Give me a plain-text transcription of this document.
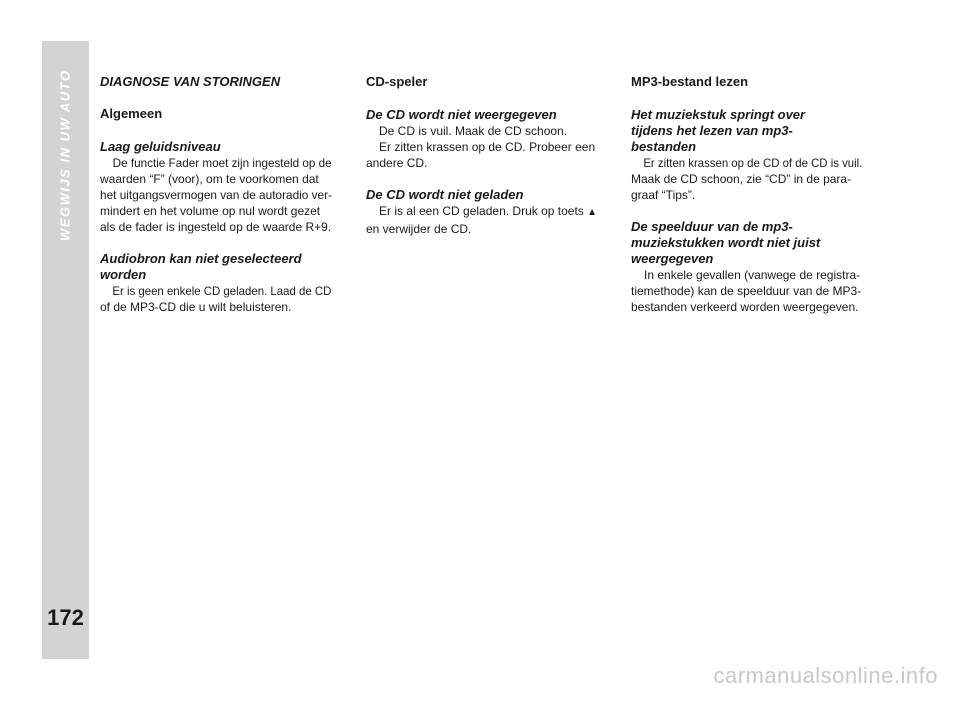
WEGWIJS IN UW AUTO
172

DIAGNOSE VAN STORINGEN

Algemeen

Laag geluidsniveau

De functie Fader moet zijn ingesteld op de
waarden “F” (voor), om te voorkomen dat
het uitgangsvermogen van de autoradio ver-
mindert en het volume op nul wordt gezet
als de fader is ingesteld op de waarde R+9.

Audiobron kan niet geselecteerd
worden

Er is geen enkele CD geladen. Laad de CD
of de MP3-CD die u wilt beluisteren.

CD-speler

De CD wordt niet weergegeven

De CD is vuil. Maak de CD schoon.
Er zitten krassen op de CD. Probeer een
andere CD.

De CD wordt niet geladen

Er is al een CD geladen. Druk op toets ▲
en verwijder de CD.

MP3-bestand lezen

Het muziekstuk springt over
tijdens het lezen van mp3-
bestanden

Er zitten krassen op de CD of de CD is vuil.
Maak de CD schoon, zie “CD” in de para-
graaf “Tips”.

De speelduur van de mp3-
muziekstukken wordt niet juist
weergegeven

In enkele gevallen (vanwege de registra-
tiemethode) kan de speelduur van de MP3-
bestanden verkeerd worden weergegeven.
carmanualsonline.info
